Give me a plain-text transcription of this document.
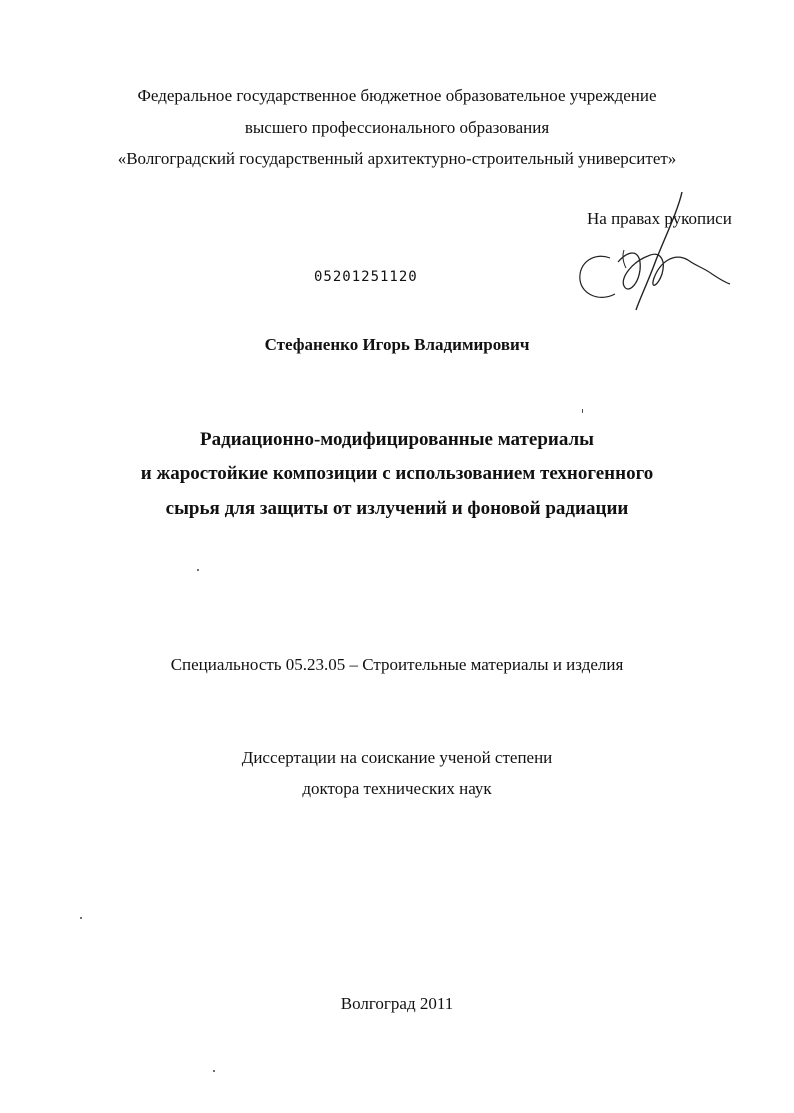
Федеральное государственное бюджетное образовательное учреждение
высшего профессионального образования
«Волгоградский государственный архитектурно-строительный университет»
На правах рукописи
05201251120
Стефаненко Игорь Владимирович
Радиационно-модифицированные материалы
и жаростойкие композиции с использованием техногенного
сырья для защиты от излучений и фоновой радиации
Специальность 05.23.05 – Строительные материалы и изделия
Диссертации на соискание ученой степени
доктора технических наук
Волгоград 2011
